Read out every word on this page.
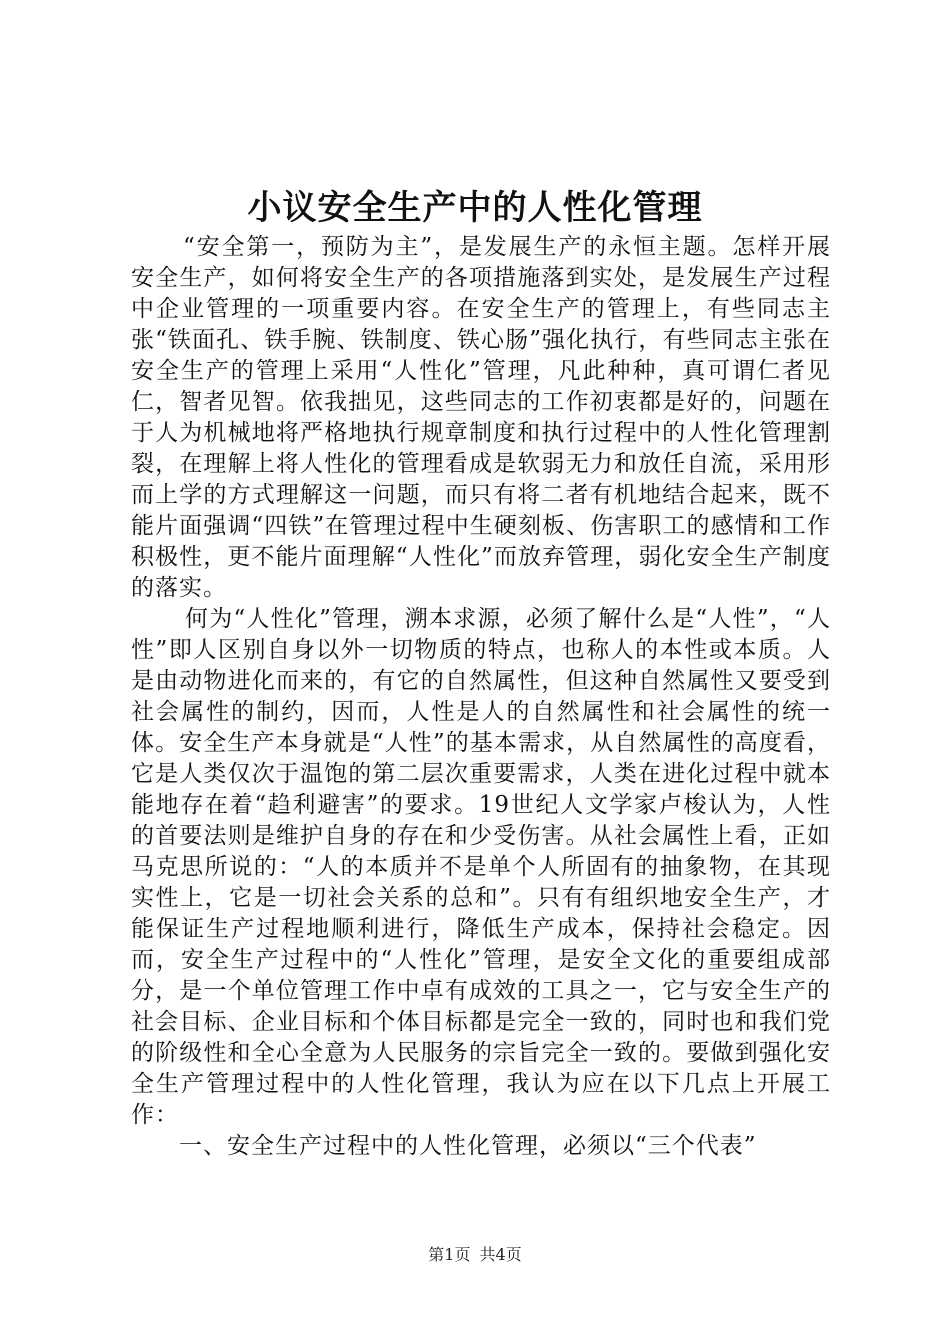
小议安全生产中的人性化管理

“安全第一，预防为主”，是发展生产的永恒主题。怎样开展安全生产，如何将安全生产的各项措施落到实处，是发展生产过程中企业管理的一项重要内容。在安全生产的管理上，有些同志主张“铁面孔、铁手腕、铁制度、铁心肠”强化执行，有些同志主张在安全生产的管理上采用“人性化”管理，凡此种种，真可谓仁者见仁，智者见智。依我拙见，这些同志的工作初衷都是好的，问题在于人为机械地将严格地执行规章制度和执行过程中的人性化管理割裂，在理解上将人性化的管理看成是软弱无力和放任自流，采用形而上学的方式理解这一问题，而只有将二者有机地结合起来，既不能片面强调“四铁”在管理过程中生硬刻板、伤害职工的感情和工作积极性，更不能片面理解“人性化”而放弃管理，弱化安全生产制度的落实。

何为“人性化”管理，溯本求源，必须了解什么是“人性”，“人性”即人区别自身以外一切物质的特点，也称人的本性或本质。人是由动物进化而来的，有它的自然属性，但这种自然属性又要受到社会属性的制约，因而，人性是人的自然属性和社会属性的统一体。安全生产本身就是“人性”的基本需求，从自然属性的高度看，它是人类仅次于温饱的第二层次重要需求，人类在进化过程中就本能地存在着“趋利避害”的要求。19世纪人文学家卢梭认为，人性的首要法则是维护自身的存在和少受伤害。从社会属性上看，正如马克思所说的：“人的本质并不是单个人所固有的抽象物，在其现实性上，它是一切社会关系的总和”。只有有组织地安全生产，才能保证生产过程地顺利进行，降低生产成本，保持社会稳定。因而，安全生产过程中的“人性化”管理，是安全文化的重要组成部分，是一个单位管理工作中卓有成效的工具之一，它与安全生产的社会目标、企业目标和个体目标都是完全一致的，同时也和我们党的阶级性和全心全意为人民服务的宗旨完全一致的。要做到强化安全生产管理过程中的人性化管理，我认为应在以下几点上开展工作：

一、安全生产过程中的人性化管理，必须以“三个代表”

第1页 共4页
